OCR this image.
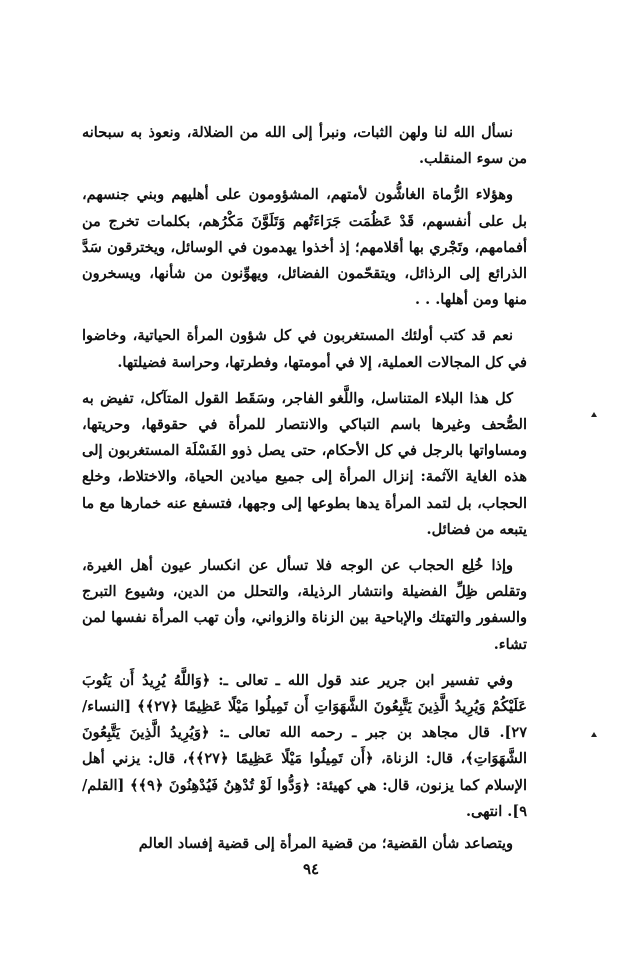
نسأل الله لنا ولهن الثبات، ونبرأ إلى الله من الضلالة، ونعوذ به سبحانه من سوء المنقلب.

وهؤلاء الرُّماة الغاشُّون لأمتهم، المشؤومون على أهليهم وبني جنسهم، بل على أنفسهم، قَدْ عَظُمَت جَرَاءَتُهم وَتَلَوَّنَ مَكْرُهم، بكلمات تخرج من أفمامهم، وتَجْري بها أقلامهم؛ إذ أخذوا يهدمون في الوسائل، ويخترقون سَدَّ الذرائع إلى الرذائل، ويتقحّمون الفضائل، ويهوِّنون من شأنها، ويسخرون منها ومن أهلها. . .

نعم قد كتب أولئك المستغربون في كل شؤون المرأة الحياتية، وخاضوا في كل المجالات العملية، إلا في أمومتها، وفطرتها، وحراسة فضيلتها.

كل هذا البلاء المتناسل، واللَّغو الفاجر، وسَقَط القول المتآكل، تفيض به الصُّحف وغيرها باسم التباكي والانتصار للمرأة في حقوقها، وحريتها، ومساواتها بالرجل في كل الأحكام، حتى يصل ذوو الفَسْلَة المستغربون إلى هذه الغاية الآثمة: إنزال المرأة إلى جميع ميادين الحياة، والاختلاط، وخلع الحجاب، بل لتمد المرأة يدها بطوعها إلى وجهها، فتسفع عنه خمارها مع ما يتبعه من فضائل.

وإذا خُلِع الحجاب عن الوجه فلا تسأل عن انكسار عيون أهل الغيرة، وتقلص ظِلِّ الفضيلة وانتشار الرذيلة، والتحلل من الدين، وشيوع التبرج والسفور والتهتك والإباحية بين الزناة والزواني، وأن تهب المرأة نفسها لمن تشاء.

وفي تفسير ابن جرير عند قول الله ـ تعالى ـ: ﴿وَاللَّهُ يُرِيدُ أَن يَتُوبَ عَلَيْكُمْ وَيُرِيدُ الَّذِينَ يَتَّبِعُونَ الشَّهَوَاتِ أَن تَمِيلُوا مَيْلًا عَظِيمًا ﴿٢٧﴾﴾ [النساء/ ٢٧]. قال مجاهد بن جبر ـ رحمه الله تعالى ـ: ﴿وَيُرِيدُ الَّذِينَ يَتَّبِعُونَ الشَّهَوَاتِ﴾، قال: الزناة، ﴿أَن تَمِيلُوا مَيْلًا عَظِيمًا ﴿٢٧﴾﴾، قال: يزني أهل الإسلام كما يزنون، قال: هي كهيئة: ﴿وَدُّوا لَوْ تُدْهِنُ فَيُدْهِنُونَ ﴿٩﴾﴾ [القلم/ ٩]. انتهى.

ويتصاعد شأن القضية؛ من قضية المرأة إلى قضية إفساد العالم

٩٤
